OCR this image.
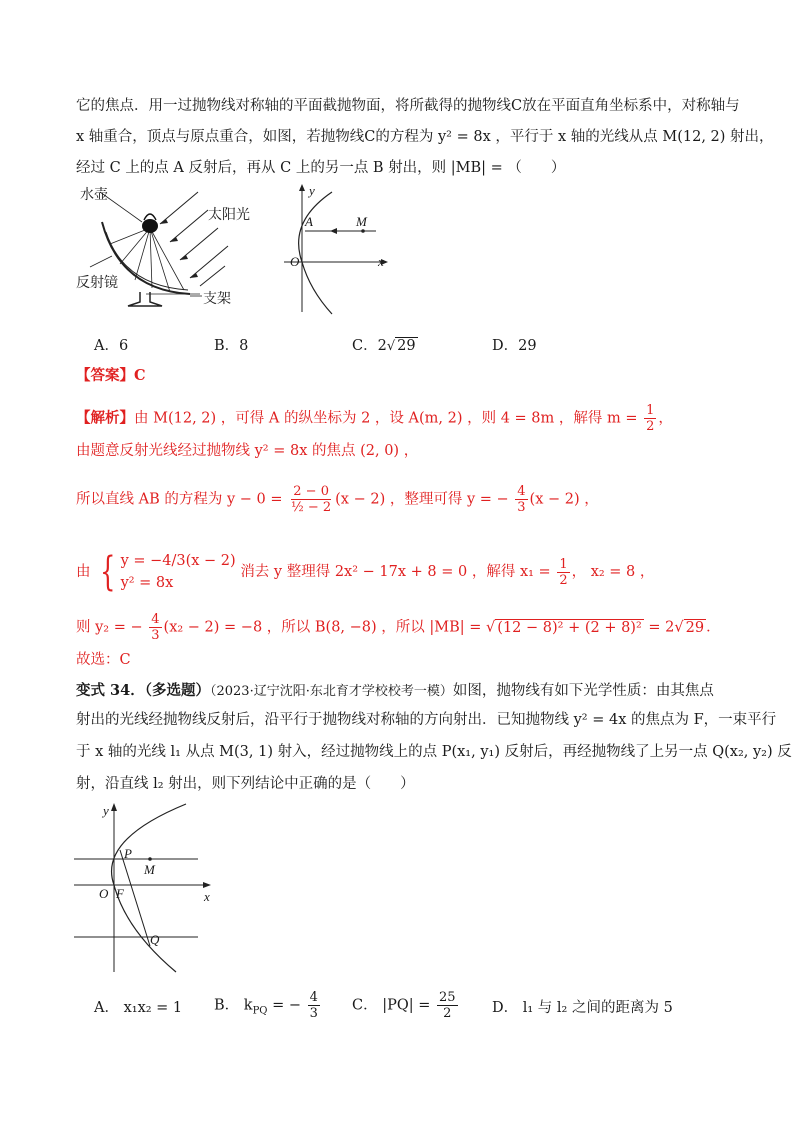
它的焦点．用一过抛物线对称轴的平面截抛物面，将所截得的抛物线C放在平面直角坐标系中，对称轴与
x 轴重合，顶点与原点重合，如图，若抛物线C的方程为 y² = 8x ，平行于 x 轴的光线从点 M(12, 2) 射出，
经过 C 上的点 A 反射后，再从 C 上的另一点 B 射出，则 |MB| = （　　）
水壶
太阳光
反射镜
支架
y
x
O
A	M
A．6	B．8	C．2√ 29	D．29
【答案】C
【解析】由 M(12, 2) ，可得 A 的纵坐标为 2 ，设 A(m, 2) ，则 4 = 8m ，解得 $m = \frac{1}{2}$ ，
由题意反射光线经过抛物线 y² = 8x 的焦点 (2, 0) ，
所以直线 AB 的方程为 $y - 0 = \frac{2 - 0}{\text{½ − 2}} (x - 2)$ ，整理可得 y = − $\frac{4}{3} (x - 2)$ ，
由 { y = −4/3(x − 2)
y² = 8x
消去 y 整理得 2x² − 17x + 8 = 0 ，解得 $x_1 = \frac{1}{2}$ ， x₂ = 8 ，
则 y₂ = − $\frac{4}{3} (x_2 - 2) = -8$ ，所以 B(8, −8) ，所以 |MB| = √ (12 − 8)² + (2 + 8)² = 2√ 29 ．
故选：C
变式 34．（多选题）（2023·辽宁沈阳·东北育才学校校考一模）如图，抛物线有如下光学性质：由其焦点
射出的光线经抛物线反射后，沿平行于抛物线对称轴的方向射出．已知抛物线 y² = 4x 的焦点为 F，一束平行
于 x 轴的光线 l₁ 从点 M(3, 1) 射入，经过抛物线上的点 P(x₁, y₁) 反射后，再经抛物线了上另一点 Q(x₂, y₂) 反
射，沿直线 l₂ 射出，则下列结论中正确的是（　　）
y
x
O F
P
M
Q
A． x₁x₂ = 1 B． $k_{PQ}$ = − $\frac{4}{3}$ C． $|PQ| = \frac{25}{2}$ D． l₁ 与 l₂ 之间的距离为 5
